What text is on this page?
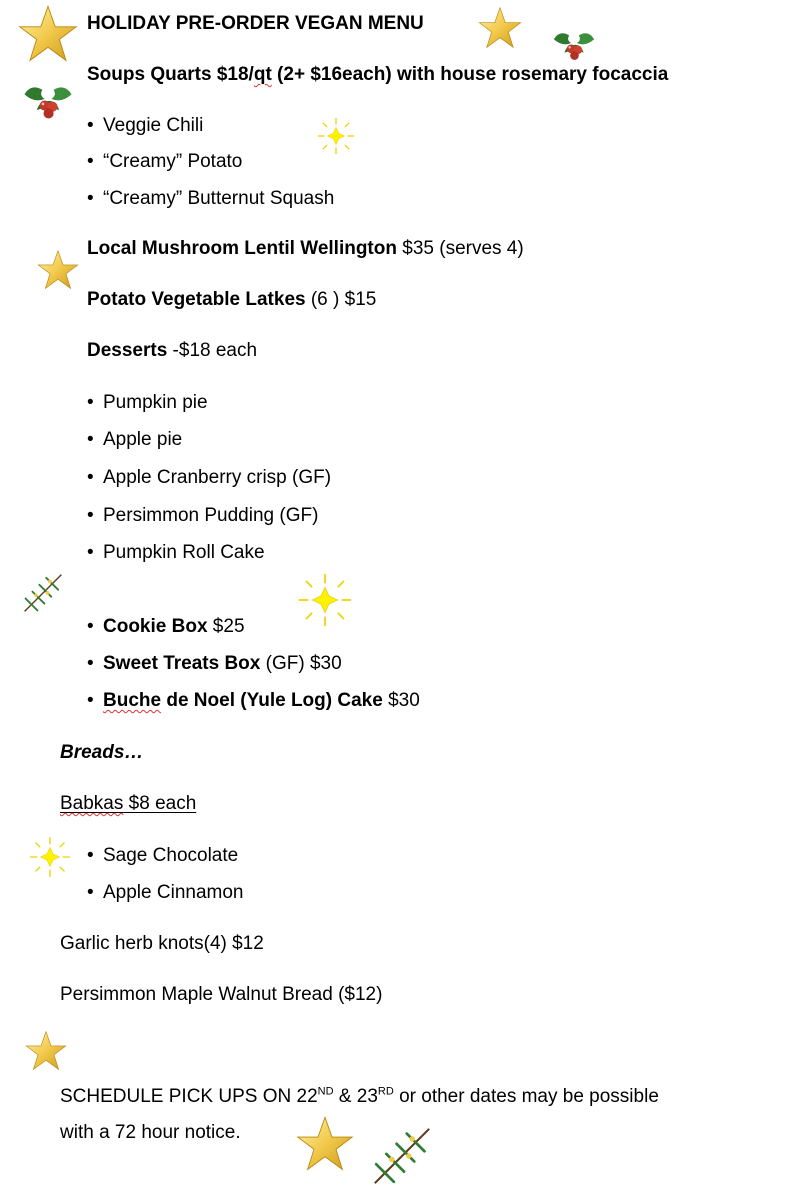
HOLIDAY PRE-ORDER VEGAN MENU
Soups Quarts $18/qt (2+ $16each) with house rosemary focaccia
• Veggie Chili
• “Creamy” Potato
• “Creamy” Butternut Squash
Local Mushroom Lentil Wellington $35 (serves 4)
Potato Vegetable Latkes (6 ) $15
Desserts -$18 each
• Pumpkin pie
• Apple pie
• Apple Cranberry crisp (GF)
• Persimmon Pudding (GF)
• Pumpkin Roll Cake
• Cookie Box $25
• Sweet Treats Box (GF) $30
• Buche de Noel (Yule Log) Cake $30
Breads…
Babkas $8 each
• Sage Chocolate
• Apple Cinnamon
Garlic herb knots(4) $12
Persimmon Maple Walnut Bread ($12)
SCHEDULE PICK UPS ON 22ND & 23RD or other dates may be possible
with a 72 hour notice.
